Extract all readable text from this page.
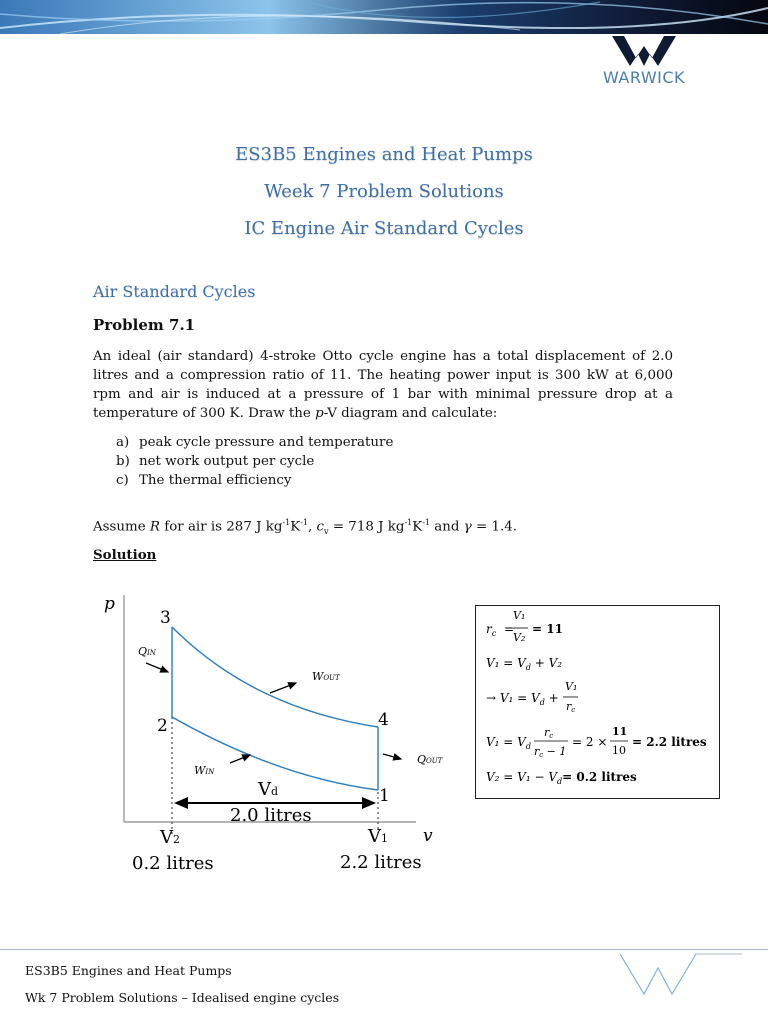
WARWICK
ES3B5 Engines and Heat Pumps
Week 7 Problem Solutions
IC Engine Air Standard Cycles
Air Standard Cycles
Problem 7.1
An ideal (air standard) 4-stroke Otto cycle engine has a total displacement of 2.0 litres and a compression ratio of 11. The heating power input is 300 kW at 6,000 rpm and air is induced at a pressure of 1 bar with minimal pressure drop at a temperature of 300 K. Draw the p-V diagram and calculate:
a) peak cycle pressure and temperature
b) net work output per cycle
c) The thermal efficiency
Assume R for air is 287 J $kg^{-1}K^{-1}$, $c_v = 718$ J $kg^{-1}K^{-1}$ and γ = 1.4.
Solution
p
v
3
2	4
1
QIN
WOUT
QOUT
WIN
Vd
2.0 litres
V2
0.2 litres
V1
2.2 litres
$r_c$ =
V₁
V₂
= 11
$V_1 = V_d + V_2$
→ $V_1 = V_d$ +
V₁
rc
$V_1 = V_d$
rc
rc − 1
= 2 ×
11
10
= 2.2 litres
$V_2 = V_1 - V_d= 0.2$ litres
ES3B5 Engines and Heat Pumps
Wk 7 Problem Solutions – Idealised engine cycles
